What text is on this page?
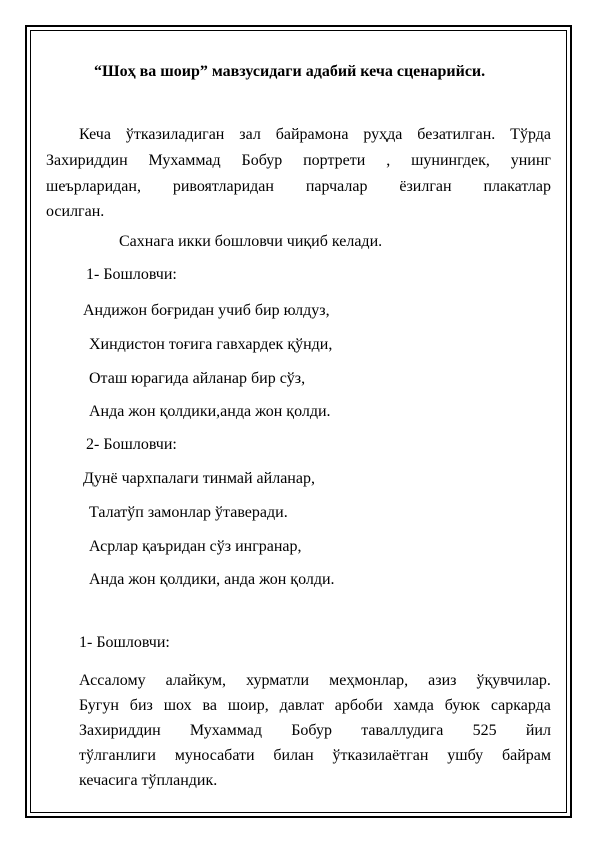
“Шоҳ ва шоир” мавзусидаги адабий кеча сценарийси.
Кеча ўтказиладиган зал байрамона руҳда безатилган. Тўрда
Захириддин Мухаммад Бобур портрети , шунингдек, унинг
шеърларидан, ривоятларидан парчалар ёзилган плакатлар
осилган.
Сахнага икки бошловчи чиқиб келади.
1- Бошловчи:
Андижон боғридан учиб бир юлдуз,
Хиндистон тоғига гавхардек қўнди,
Оташ юрагида айланар бир сўз,
Анда жон қолдики,анда жон қолди.
2- Бошловчи:
Дунё чархпалаги тинмай айланар,
Талатўп замонлар ўтаверади.
Асрлар қаъридан сўз ингранар,
Анда жон қолдики, анда жон қолди.
1- Бошловчи:
Ассалому алайкум, хурматли меҳмонлар, азиз ўқувчилар.
Бугун биз шох ва шоир, давлат арбоби хамда буюк саркарда
Захириддин Мухаммад Бобур таваллудига 525 йил
тўлганлиги муносабати билан ўтказилаётган ушбу байрам
кечасига тўпландик.
